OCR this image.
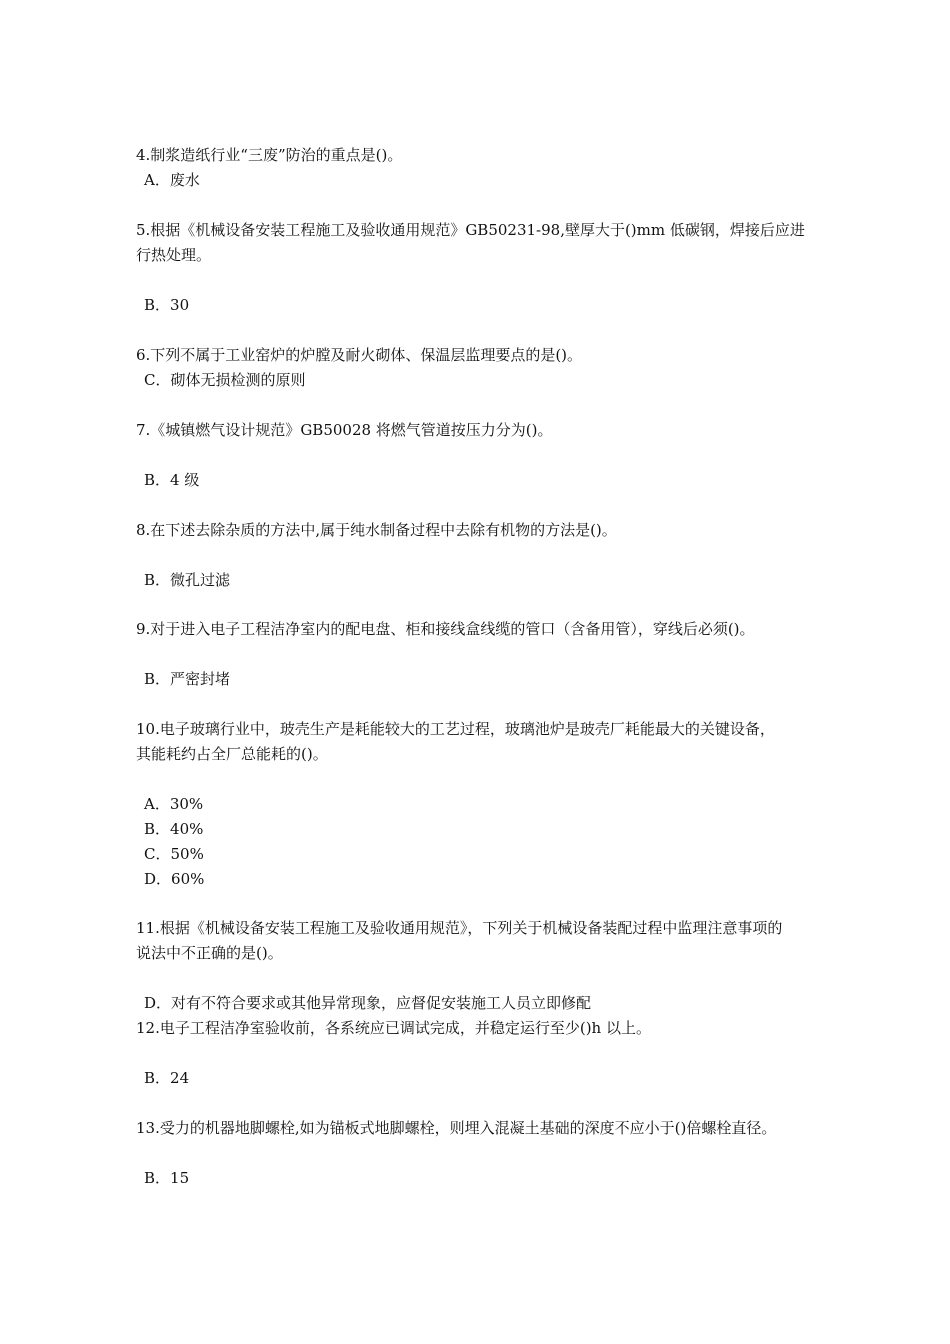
4.制浆造纸行业“三废”防治的重点是()。
A．废水
5.根据《机械设备安装工程施工及验收通用规范》GB50231-98,壁厚大于()mm 低碳钢，焊接后应进
行热处理。
B．30
6.下列不属于工业窑炉的炉膛及耐火砌体、保温层监理要点的是()。
C．砌体无损检测的原则
7.《城镇燃气设计规范》GB50028 将燃气管道按压力分为()。
B．4 级
8.在下述去除杂质的方法中,属于纯水制备过程中去除有机物的方法是()。
B．微孔过滤
9.对于进入电子工程洁净室内的配电盘、柜和接线盒线缆的管口（含备用管），穿线后必须()。
B．严密封堵
10.电子玻璃行业中，玻壳生产是耗能较大的工艺过程，玻璃池炉是玻壳厂耗能最大的关键设备，
其能耗约占全厂总能耗的()。
A．30%
B．40%
C．50%
D．60%
11.根据《机械设备安装工程施工及验收通用规范》，下列关于机械设备装配过程中监理注意事项的
说法中不正确的是()。
D．对有不符合要求或其他异常现象，应督促安装施工人员立即修配
12.电子工程洁净室验收前，各系统应已调试完成，并稳定运行至少()h 以上。
B．24
13.受力的机器地脚螺栓,如为锚板式地脚螺栓，则埋入混凝土基础的深度不应小于()倍螺栓直径。
B．15
